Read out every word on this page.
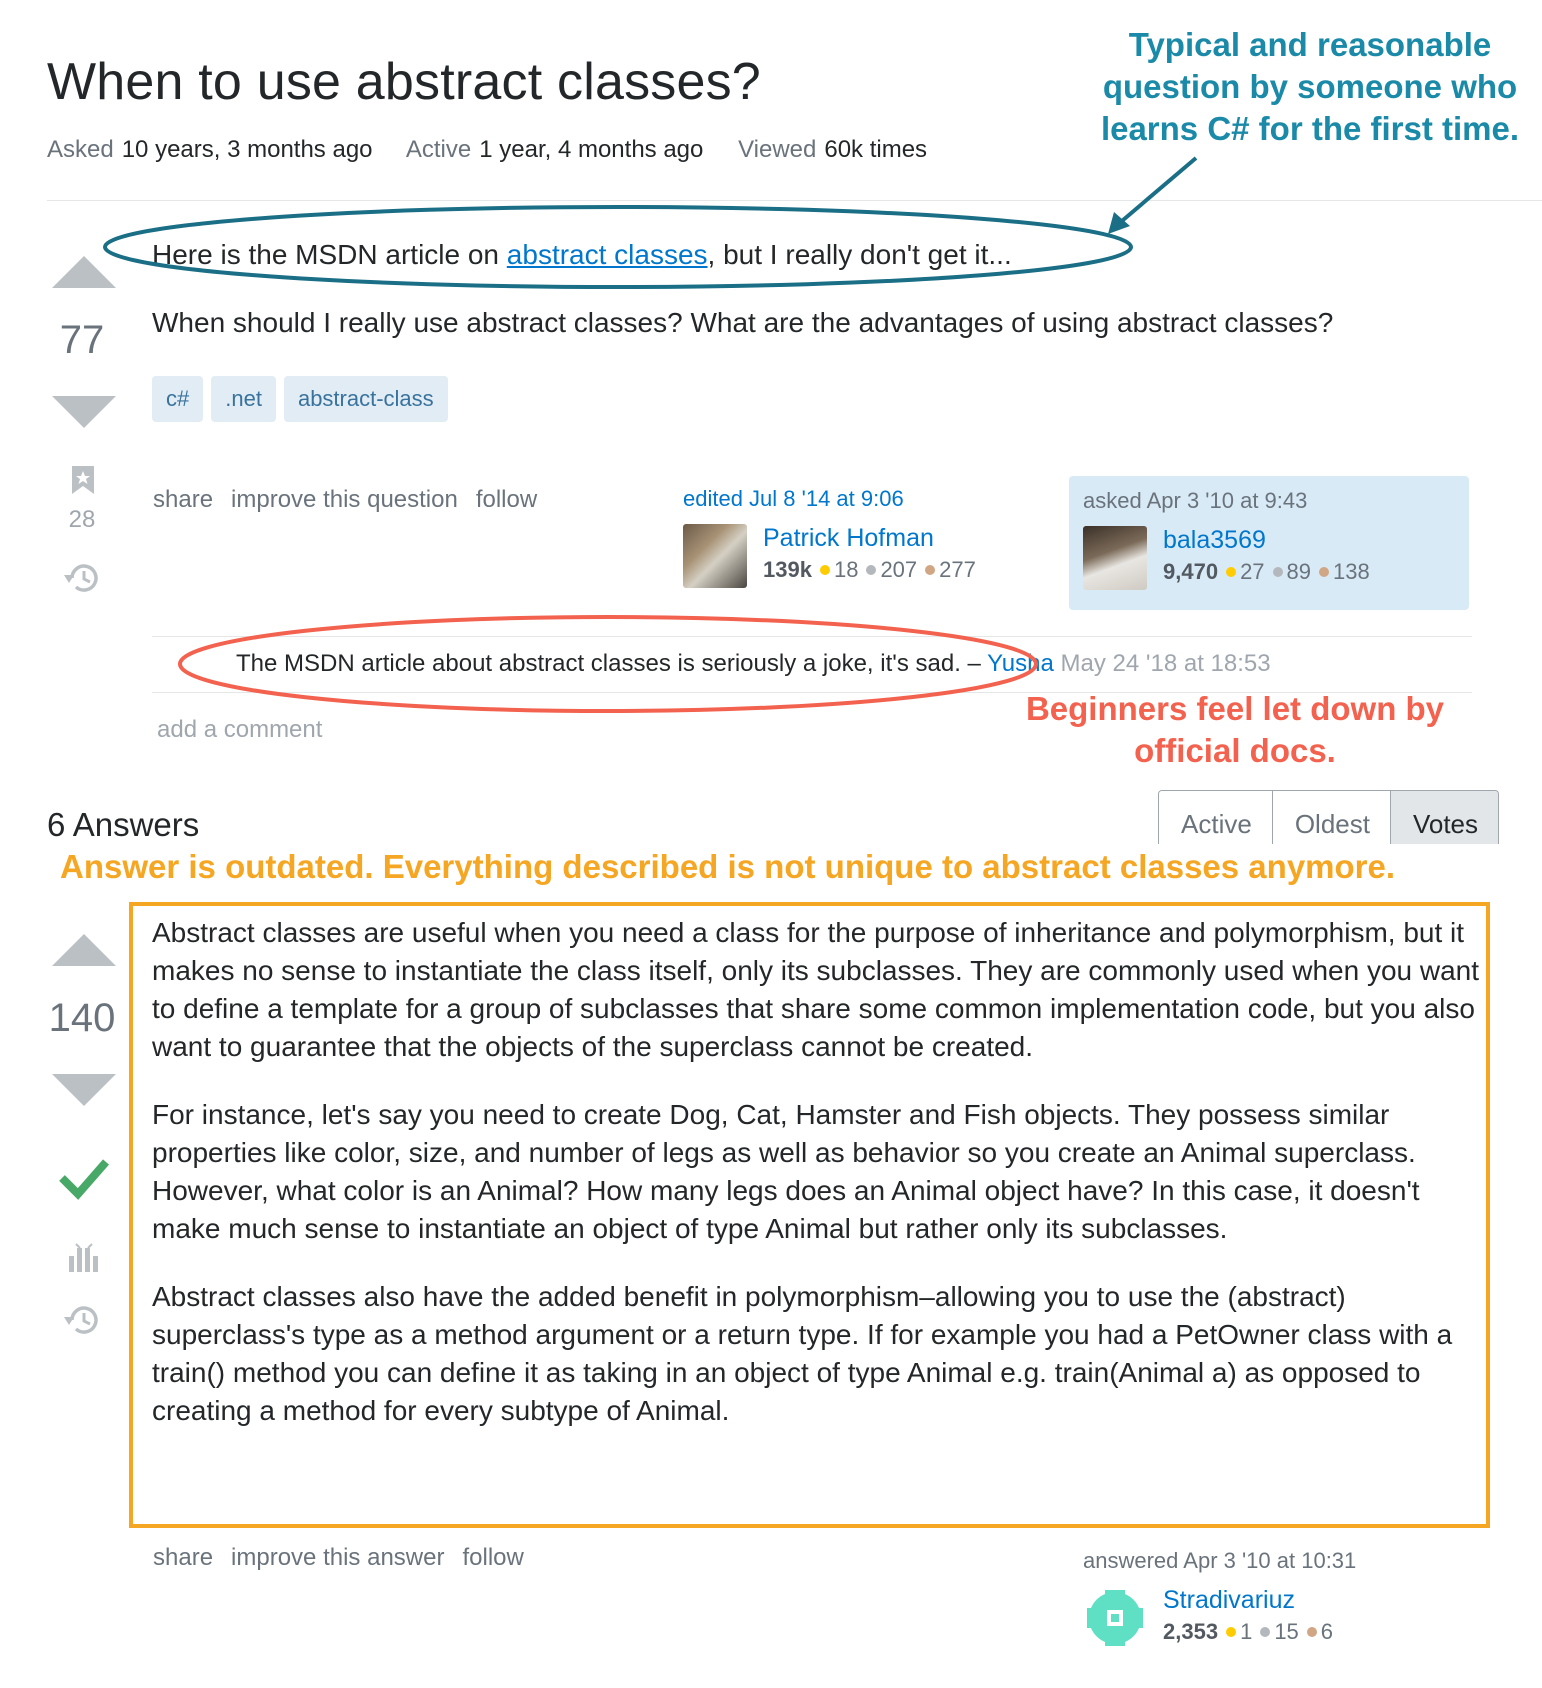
When to use abstract classes?
Asked 10 years, 3 months ago Active 1 year, 4 months ago Viewed 60k times
Typical and reasonable question by someone who learns C# for the first time.
77
28
Here is the MSDN article on abstract classes, but I really don't get it...
When should I really use abstract classes? What are the advantages of using abstract classes?
c# .net abstract-class
share improve this question follow	edited Jul 8 '14 at 9:06
Patrick Hofman
139k 18 207 277
asked Apr 3 '10 at 9:43
bala3569
9,470 27 89 138
The MSDN article about abstract classes is seriously a joke, it's sad. – Yusha May 24 '18 at 18:53
add a comment
Beginners feel let down by official docs.
6 Answers	Active	Oldest	Votes
Answer is outdated. Everything described is not unique to abstract classes anymore.
140

Abstract classes are useful when you need a class for the purpose of inheritance and polymorphism, but it makes no sense to instantiate the class itself, only its subclasses. They are commonly used when you want to define a template for a group of subclasses that share some common implementation code, but you also want to guarantee that the objects of the superclass cannot be created.

For instance, let's say you need to create Dog, Cat, Hamster and Fish objects. They possess similar properties like color, size, and number of legs as well as behavior so you create an Animal superclass. However, what color is an Animal? How many legs does an Animal object have? In this case, it doesn't make much sense to instantiate an object of type Animal but rather only its subclasses.

Abstract classes also have the added benefit in polymorphism–allowing you to use the (abstract) superclass's type as a method argument or a return type. If for example you had a PetOwner class with a train() method you can define it as taking in an object of type Animal e.g. train(Animal a) as opposed to creating a method for every subtype of Animal.

share improve this answer follow	answered Apr 3 '10 at 10:31
Stradivariuz
2,353 1 15 6
